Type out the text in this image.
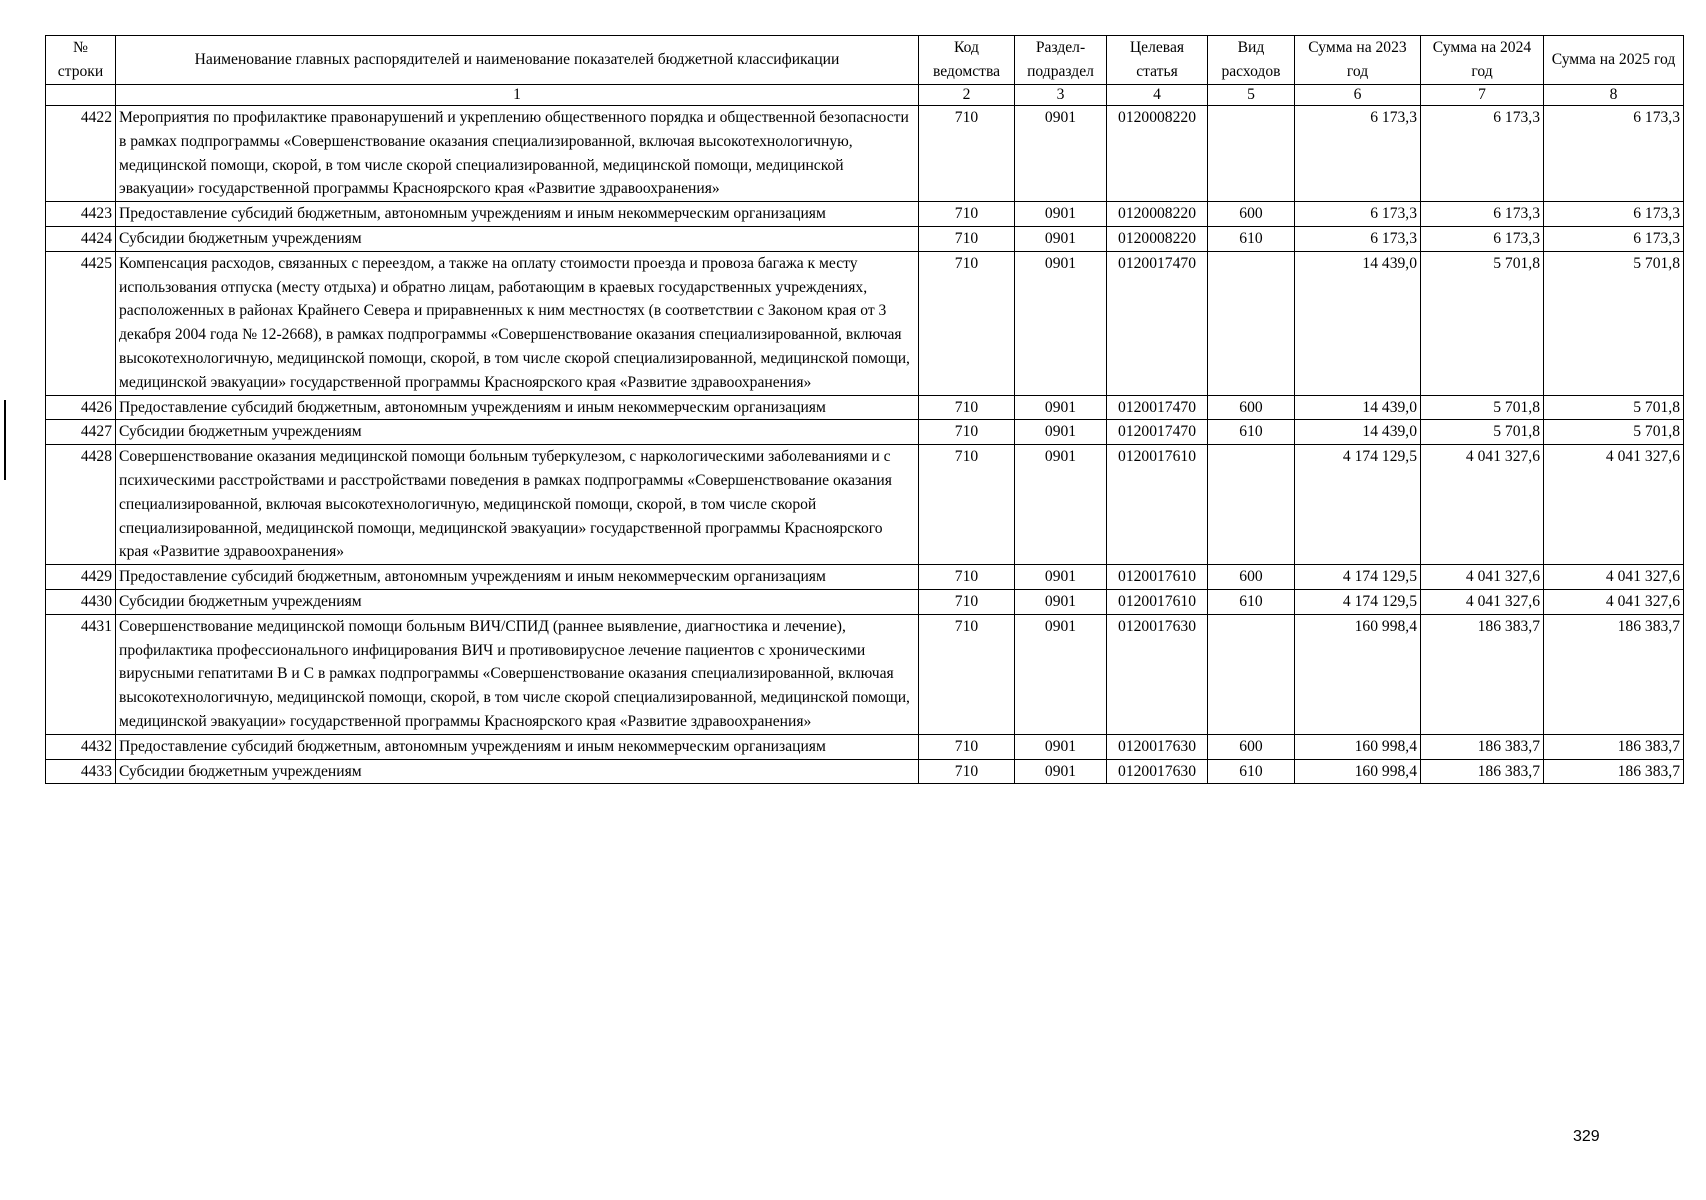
№ строки	Наименование главных распорядителей и наименование показателей бюджетной классификации	Код ведомства	Раздел-подраздел	Целевая статья	Вид расходов	Сумма на 2023 год	Сумма на 2024 год	Сумма на 2025 год
	1	2	3	4	5	6	7	8
4422	Мероприятия по профилактике правонарушений и укреплению общественного порядка и общественной безопасности в рамках подпрограммы «Совершенствование оказания специализированной, включая высокотехнологичную, медицинской помощи, скорой, в том числе скорой специализированной, медицинской помощи, медицинской эвакуации» государственной программы Красноярского края «Развитие здравоохранения»	710	0901	0120008220		6 173,3	6 173,3	6 173,3
4423	Предоставление субсидий бюджетным, автономным учреждениям и иным некоммерческим организациям	710	0901	0120008220	600	6 173,3	6 173,3	6 173,3
4424	Субсидии бюджетным учреждениям	710	0901	0120008220	610	6 173,3	6 173,3	6 173,3
4425	Компенсация расходов, связанных с переездом, а также на оплату стоимости проезда и провоза багажа к месту использования отпуска (месту отдыха) и обратно лицам, работающим в краевых государственных учреждениях, расположенных в районах Крайнего Севера и приравненных к ним местностях (в соответствии с Законом края от 3 декабря 2004 года № 12-2668), в рамках подпрограммы «Совершенствование оказания специализированной, включая высокотехнологичную, медицинской помощи, скорой, в том числе скорой специализированной, медицинской помощи, медицинской эвакуации» государственной программы Красноярского края «Развитие здравоохранения»	710	0901	0120017470		14 439,0	5 701,8	5 701,8
4426	Предоставление субсидий бюджетным, автономным учреждениям и иным некоммерческим организациям	710	0901	0120017470	600	14 439,0	5 701,8	5 701,8
4427	Субсидии бюджетным учреждениям	710	0901	0120017470	610	14 439,0	5 701,8	5 701,8
4428	Совершенствование оказания медицинской помощи больным туберкулезом, с наркологическими заболеваниями и с психическими расстройствами и расстройствами поведения в рамках подпрограммы «Совершенствование оказания специализированной, включая высокотехнологичную, медицинской помощи, скорой, в том числе скорой специализированной, медицинской помощи, медицинской эвакуации» государственной программы Красноярского края «Развитие здравоохранения»	710	0901	0120017610		4 174 129,5	4 041 327,6	4 041 327,6
4429	Предоставление субсидий бюджетным, автономным учреждениям и иным некоммерческим организациям	710	0901	0120017610	600	4 174 129,5	4 041 327,6	4 041 327,6
4430	Субсидии бюджетным учреждениям	710	0901	0120017610	610	4 174 129,5	4 041 327,6	4 041 327,6
4431	Совершенствование медицинской помощи больным ВИЧ/СПИД (раннее выявление, диагностика и лечение), профилактика профессионального инфицирования ВИЧ и противовирусное лечение пациентов с хроническими вирусными гепатитами В и С в рамках подпрограммы «Совершенствование оказания специализированной, включая высокотехнологичную, медицинской помощи, скорой, в том числе скорой специализированной, медицинской помощи, медицинской эвакуации» государственной программы Красноярского края «Развитие здравоохранения»	710	0901	0120017630		160 998,4	186 383,7	186 383,7
4432	Предоставление субсидий бюджетным, автономным учреждениям и иным некоммерческим организациям	710	0901	0120017630	600	160 998,4	186 383,7	186 383,7
4433	Субсидии бюджетным учреждениям	710	0901	0120017630	610	160 998,4	186 383,7	186 383,7
329
